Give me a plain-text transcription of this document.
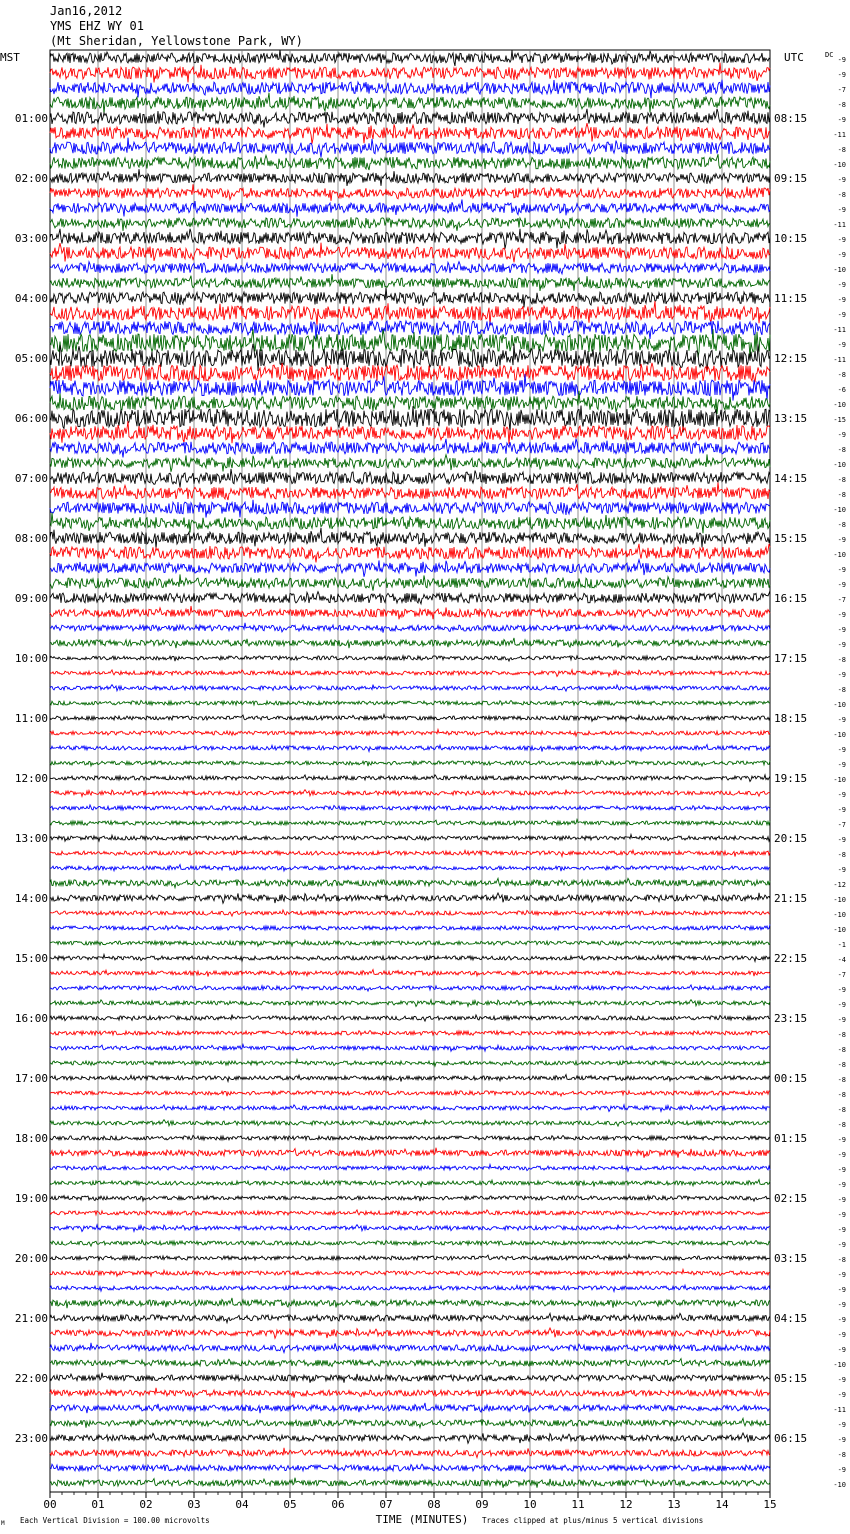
Jan16,2012
YMS EHZ WY 01
(Mt Sheridan, Yellowstone Park, WY)
MST	UTC
01:00
02:00
03:00
04:00
05:00
06:00
07:00
08:00
09:00
10:00
11:00
12:00
13:00
14:00
15:00
16:00
17:00
18:00
19:00
20:00
21:00
22:00
23:00
08:15
09:15
10:15
11:15
12:15
13:15
14:15
15:15
16:15
17:15
18:15
19:15
20:15
21:15
22:15
23:15
00:15
01:15
02:15
03:15
04:15
05:15
06:15
DC
-9
-9
-7
-8
-9
-11
-8
-10
-9
-8
-9
-11
-9
-9
-10
-9
-9
-9
-11
-9
-11
-8
-6
-10
-15
-9
-8
-10
-8
-8
-10
-8
-9
-10
-9
-9
-7
-9
-9
-9
-8
-9
-8
-10
-9
-10
-9
-9
-10
-9
-9
-7
-9
-8
-9
-12
-10
-10
-10
-1
-4
-7
-9
-9
-9
-8
-8
-8
-8
-8
-8
-8
-9
-9
-9
-9
-9
-9
-9
-9
-8
-9
-9
-9
-9
-9
-9
-10
-9
-9
-11
-9
-9
-8
-9
-10
00	01	02	03	04	05	06	07	08	09	10	11	12	13	14	15
TIME (MINUTES)
Each Vertical Division = 100.00 microvolts	Traces clipped at plus/minus 5 vertical divisions
M
